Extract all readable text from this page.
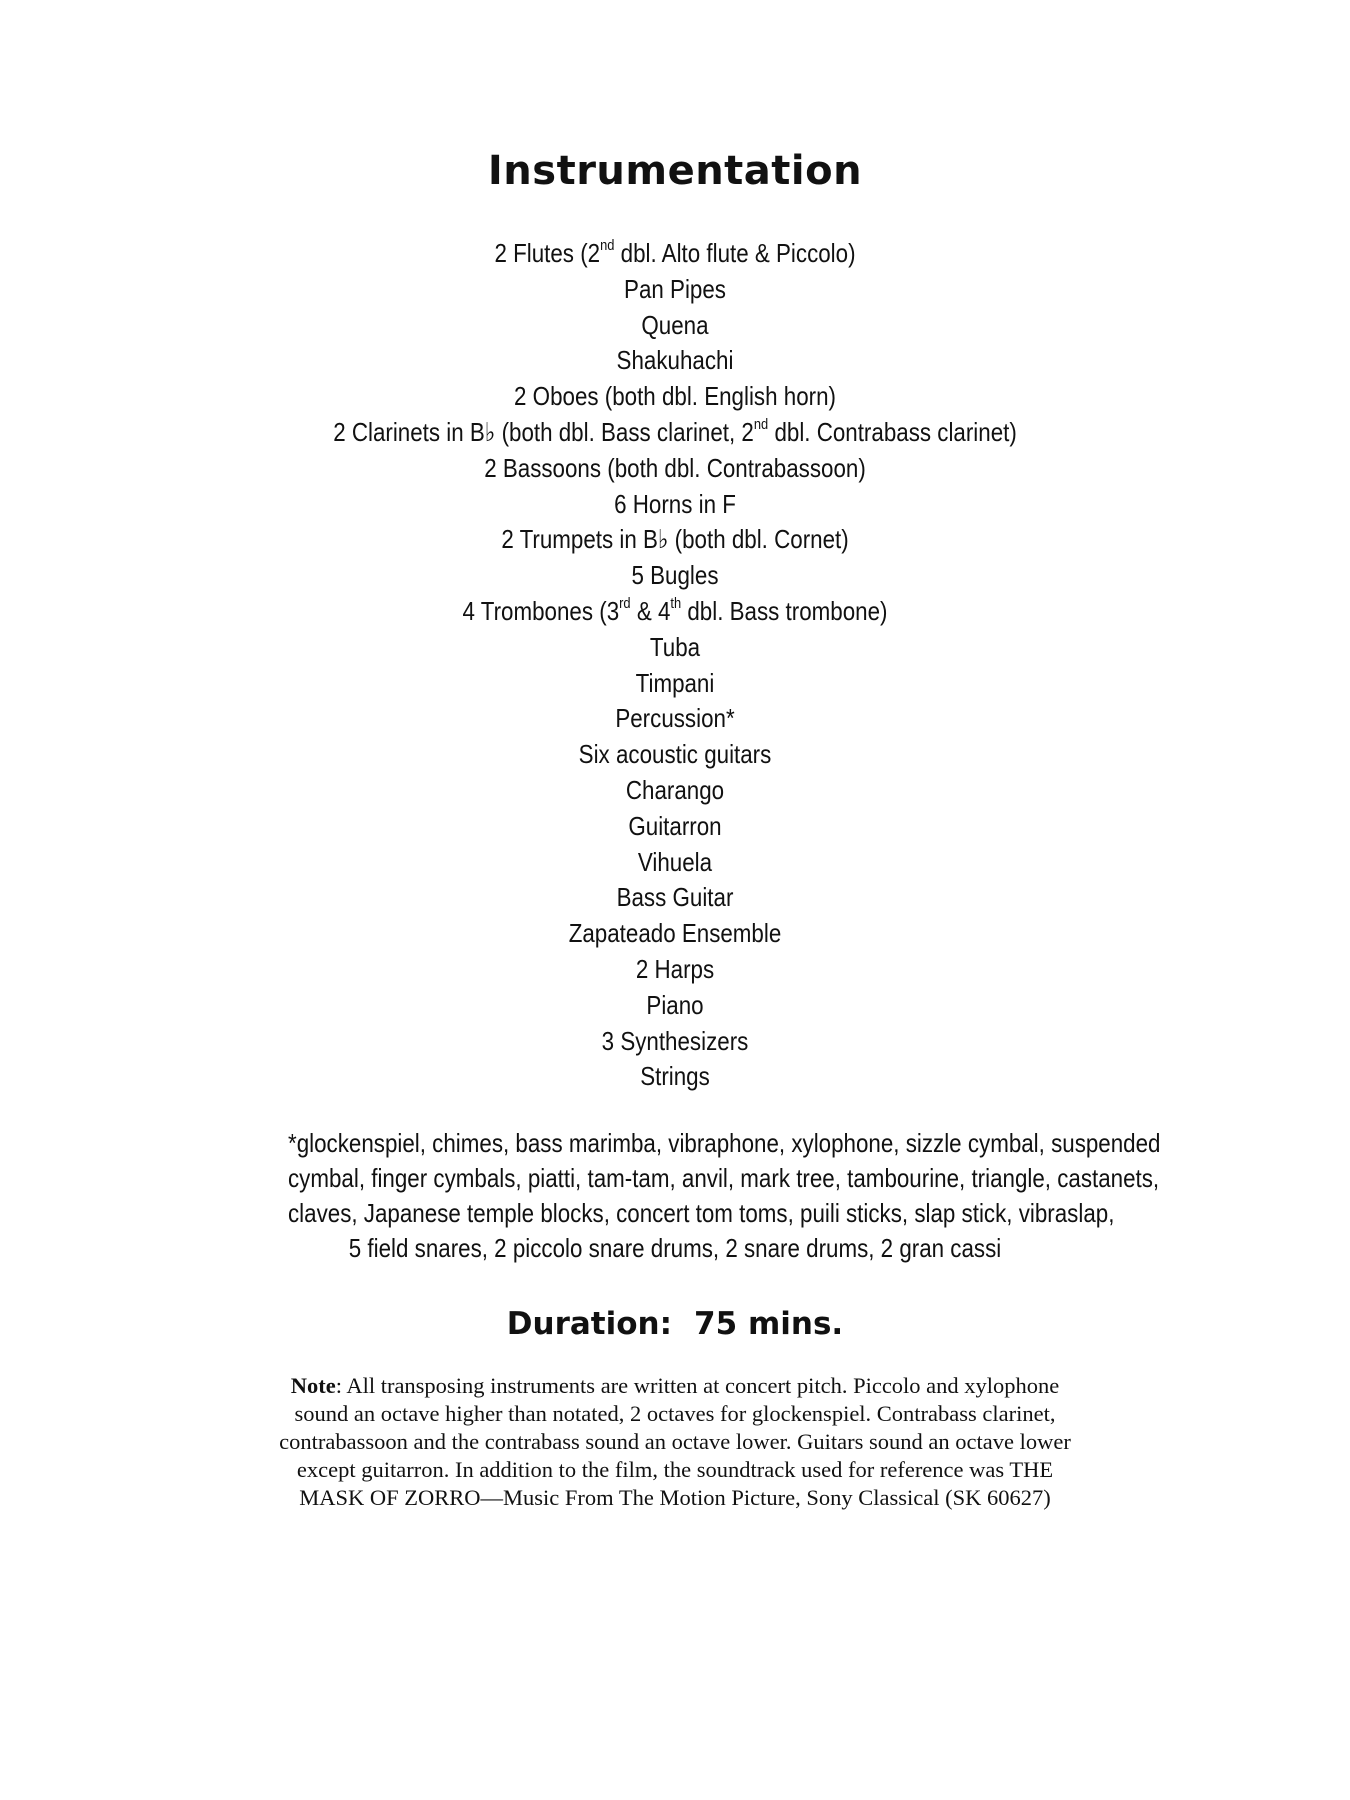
Instrumentation
2 Flutes (2nd dbl. Alto flute & Piccolo)
Pan Pipes
Quena
Shakuhachi
2 Oboes (both dbl. English horn)
2 Clarinets in B♭ (both dbl. Bass clarinet, 2nd dbl. Contrabass clarinet)
2 Bassoons (both dbl. Contrabassoon)
6 Horns in F
2 Trumpets in B♭ (both dbl. Cornet)
5 Bugles
4 Trombones (3rd & 4th dbl. Bass trombone)
Tuba
Timpani
Percussion*
Six acoustic guitars
Charango
Guitarron
Vihuela
Bass Guitar
Zapateado Ensemble
2 Harps
Piano
3 Synthesizers
Strings
*glockenspiel, chimes, bass marimba, vibraphone, xylophone, sizzle cymbal, suspended
cymbal, finger cymbals, piatti, tam-tam, anvil, mark tree, tambourine, triangle, castanets,
claves, Japanese temple blocks, concert tom toms, puili sticks, slap stick, vibraslap,
5 field snares, 2 piccolo snare drums, 2 snare drums, 2 gran cassi
Duration: 75 mins.
Note: All transposing instruments are written at concert pitch. Piccolo and xylophone
sound an octave higher than notated, 2 octaves for glockenspiel. Contrabass clarinet,
contrabassoon and the contrabass sound an octave lower. Guitars sound an octave lower
except guitarron. In addition to the film, the soundtrack used for reference was THE
MASK OF ZORRO—Music From The Motion Picture, Sony Classical (SK 60627)
